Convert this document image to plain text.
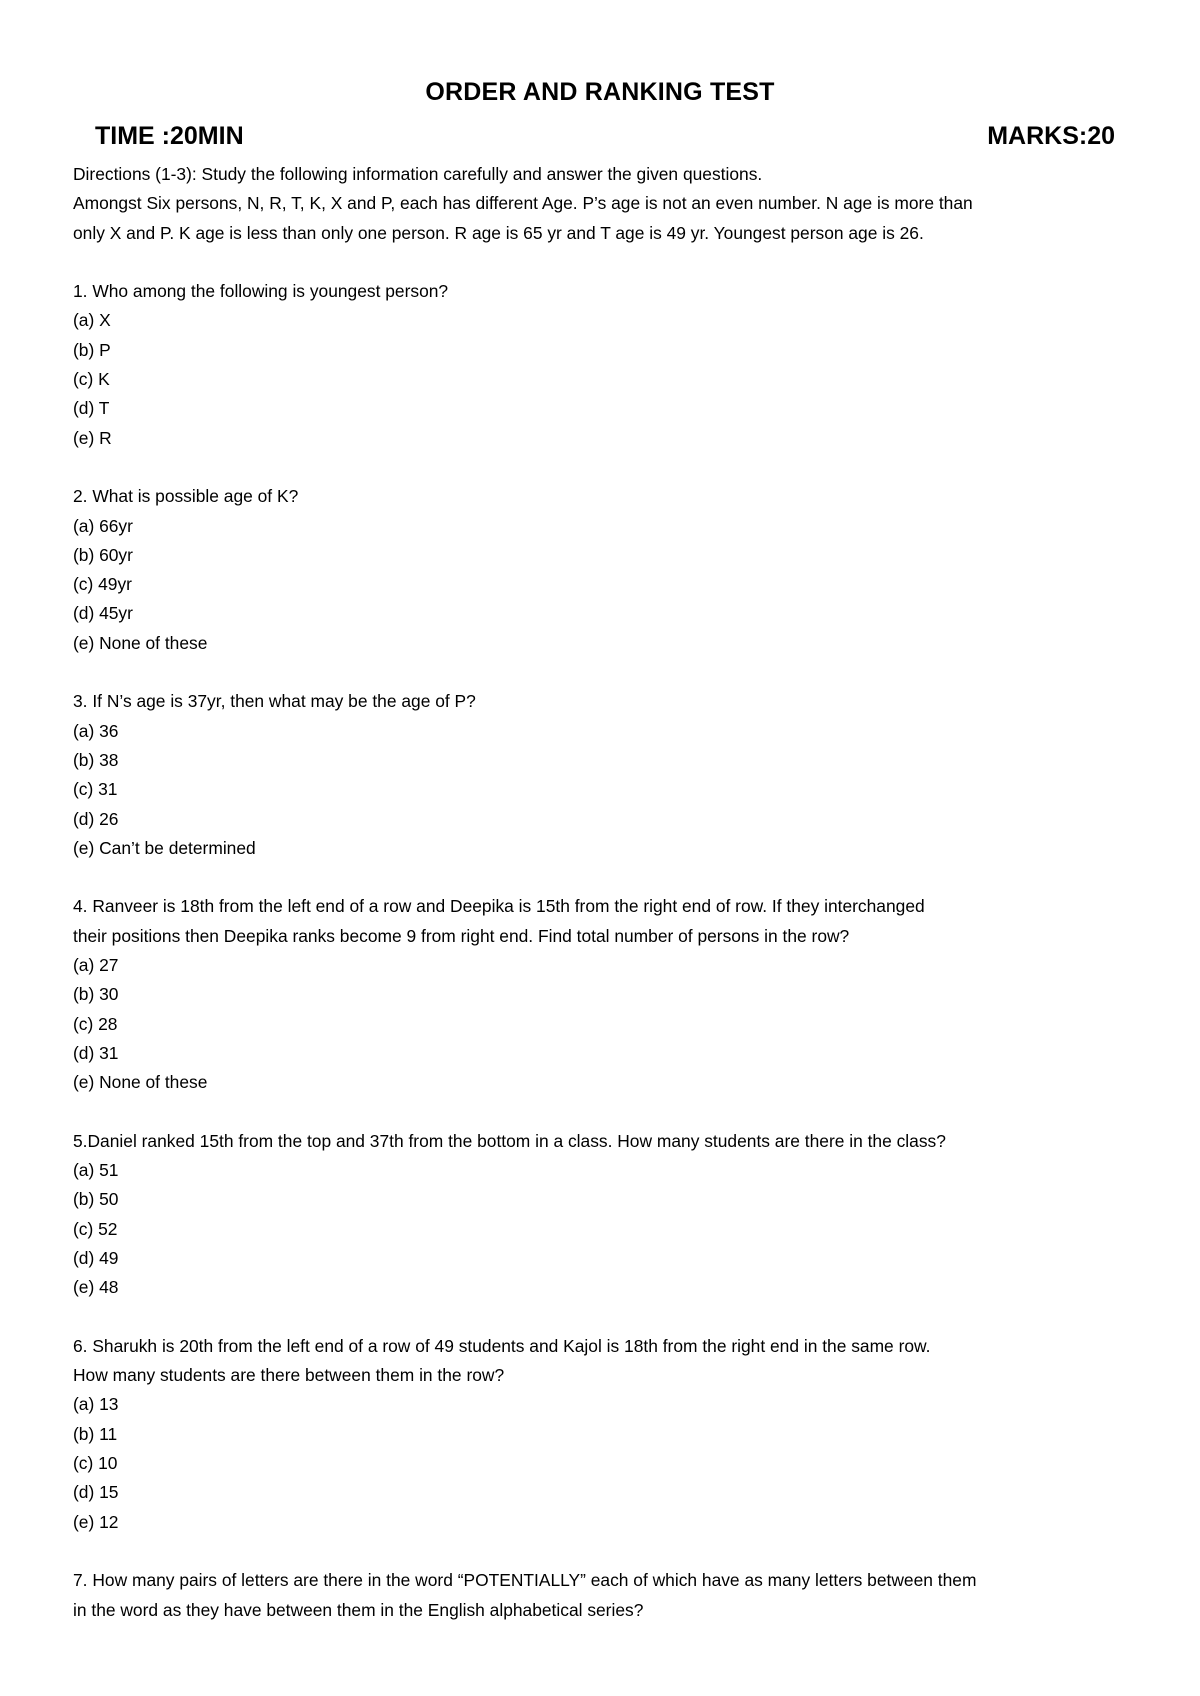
ORDER AND RANKING TEST
TIME :20MIN	MARKS:20
Directions (1-3): Study the following information carefully and answer the given questions.
Amongst Six persons, N, R, T, K, X and P, each has different Age. P’s age is not an even number. N age is more than
only X and P. K age is less than only one person. R age is 65 yr and T age is 49 yr. Youngest person age is 26.
1. Who among the following is youngest person?
(a) X
(b) P
(c) K
(d) T
(e) R
2. What is possible age of K?
(a) 66yr
(b) 60yr
(c) 49yr
(d) 45yr
(e) None of these
3. If N’s age is 37yr, then what may be the age of P?
(a) 36
(b) 38
(c) 31
(d) 26
(e) Can’t be determined
4. Ranveer is 18th from the left end of a row and Deepika is 15th from the right end of row. If they interchanged
their positions then Deepika ranks become 9 from right end. Find total number of persons in the row?
(a) 27
(b) 30
(c) 28
(d) 31
(e) None of these
5.Daniel ranked 15th from the top and 37th from the bottom in a class. How many students are there in the class?
(a) 51
(b) 50
(c) 52
(d) 49
(e) 48
6. Sharukh is 20th from the left end of a row of 49 students and Kajol is 18th from the right end in the same row.
How many students are there between them in the row?
(a) 13
(b) 11
(c) 10
(d) 15
(e) 12
7. How many pairs of letters are there in the word “POTENTIALLY” each of which have as many letters between them
in the word as they have between them in the English alphabetical series?
